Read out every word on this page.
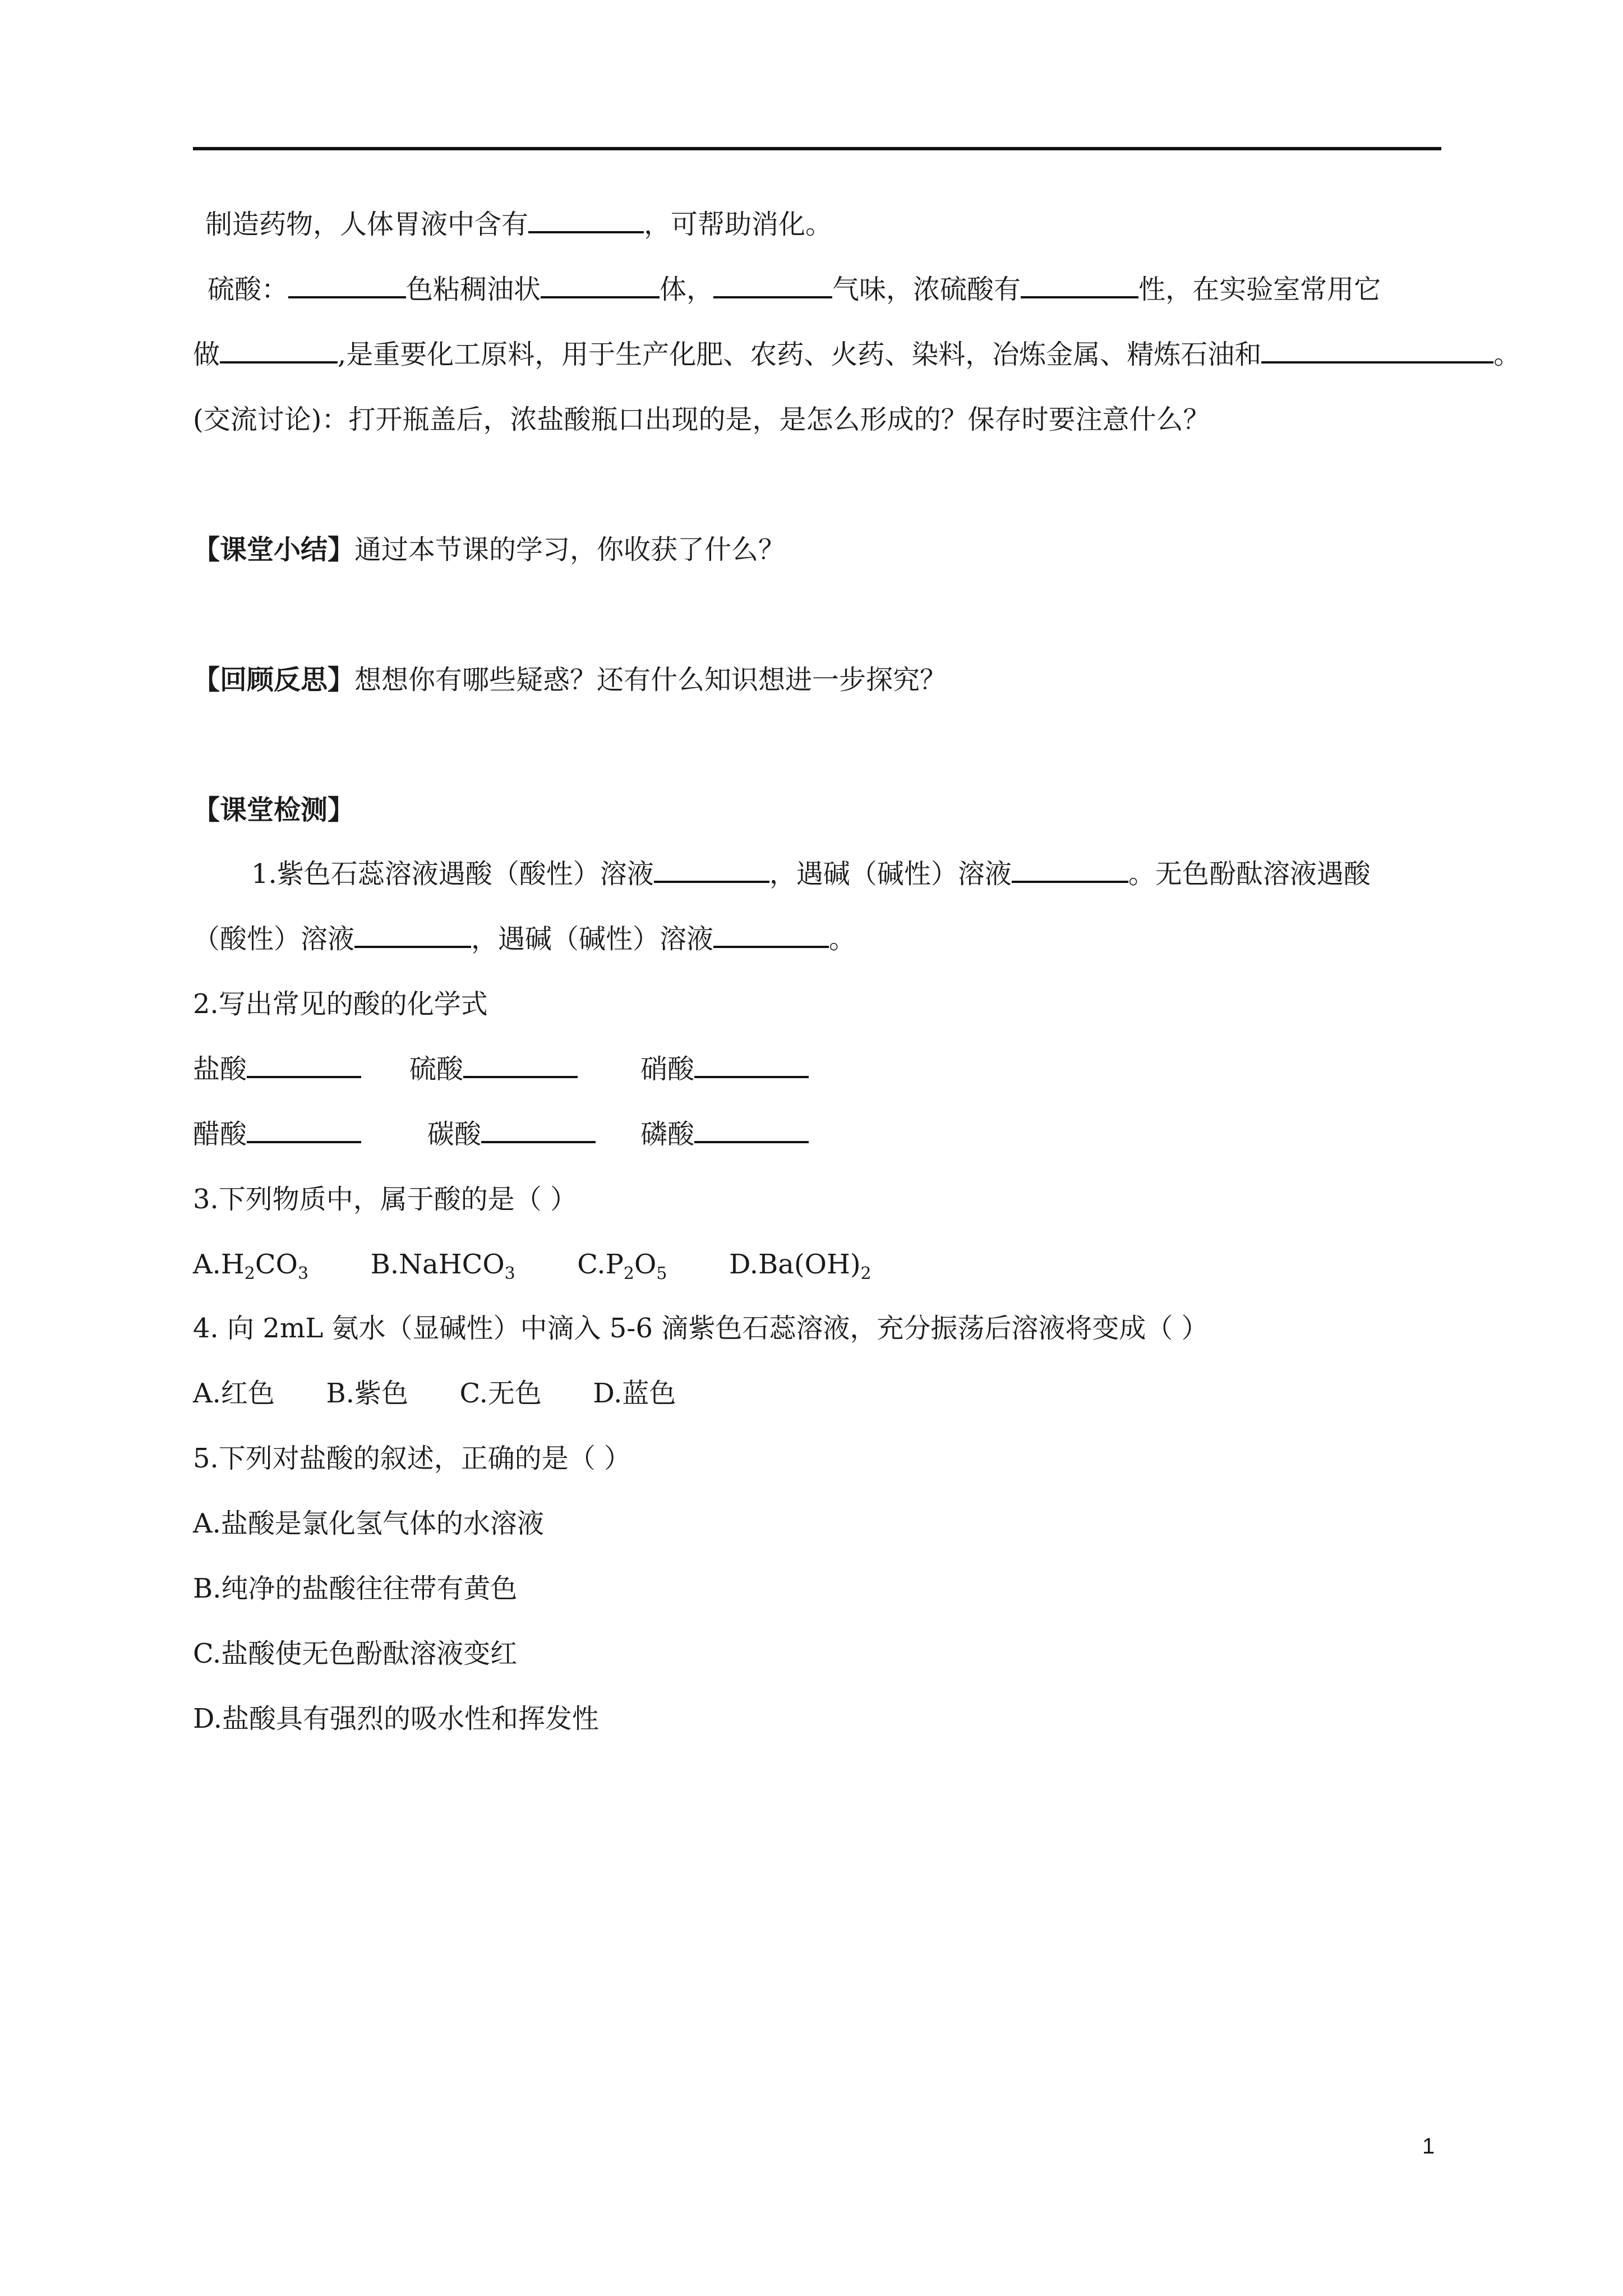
制造药物，人体胃液中含有	，可帮助消化。
硫酸：	色粘稠油状	体，	气味，浓硫酸有	性，在实验室常用它
做	,是重要化工原料，用于生产化肥、农药、火药、染料，冶炼金属、精炼石油和	。
(交流讨论)：打开瓶盖后，浓盐酸瓶口出现的是，是怎么形成的？保存时要注意什么？
【课堂小结】通过本节课的学习，你收获了什么？
【回顾反思】想想你有哪些疑惑？还有什么知识想进一步探究？
【课堂检测】
1.紫色石蕊溶液遇酸（酸性）溶液	，遇碱（碱性）溶液	。无色酚酞溶液遇酸
（酸性）溶液	，遇碱（碱性）溶液	。
2.写出常见的酸的化学式
盐酸	硫酸	硝酸
醋酸	碳酸	磷酸
3.下列物质中，属于酸的是（ ）
$A.H_2CO_3$ B.NaHCO$_3$ $C.P_2O_5$ $D.Ba(OH)_2$
4. 向 2mL 氨水（显碱性）中滴入 5-6 滴紫色石蕊溶液，充分振荡后溶液将变成（ ）
A.红色      B.紫色      C.无色      D.蓝色
5.下列对盐酸的叙述，正确的是（ ）
A.盐酸是氯化氢气体的水溶液
B.纯净的盐酸往往带有黄色
C.盐酸使无色酚酞溶液变红
D.盐酸具有强烈的吸水性和挥发性
1
